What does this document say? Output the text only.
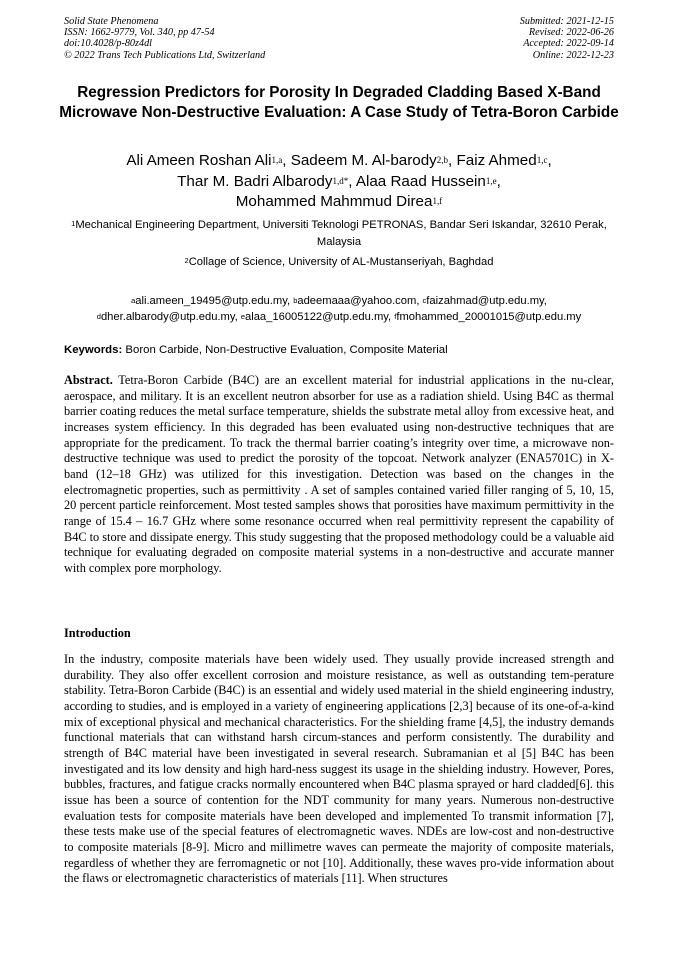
Solid State Phenomena
ISSN: 1662-9779, Vol. 340, pp 47-54
doi:10.4028/p-80z4dl
© 2022 Trans Tech Publications Ltd, Switzerland
Submitted: 2021-12-15
Revised: 2022-06-26
Accepted: 2022-09-14
Online: 2022-12-23
Regression Predictors for Porosity In Degraded Cladding Based X-Band Microwave Non-Destructive Evaluation: A Case Study of Tetra-Boron Carbide
Ali Ameen Roshan Ali$^{1,a}$, Sadeem M. Al-barody$^{2,b}$, Faiz Ahmed$^{1,c}$,
Thar M. Badri Albarody$^{1,d*}$, Alaa Raad Hussein$^{1,e}$,
Mohammed Mahmmud Direa$^{1,f}$
$^1$Mechanical Engineering Department, Universiti Teknologi PETRONAS, Bandar Seri Iskandar, 32610 Perak, Malaysia
$^2$Collage of Science, University of AL-Mustanseriyah, Baghdad
$^a$ali.ameen_19495@utp.edu.my, $^b$adeemaaa@yahoo.com, $^c$faizahmad@utp.edu.my,
$^d$dher.albarody@utp.edu.my, $^e$alaa_16005122@utp.edu.my, $^f$fmohammed_20001015@utp.edu.my
Keywords: Boron Carbide, Non-Destructive Evaluation, Composite Material
Abstract. Tetra-Boron Carbide (B4C) are an excellent material for industrial applications in the nu-clear, aerospace, and military. It is an excellent neutron absorber for use as a radiation shield. Using B4C as thermal barrier coating reduces the metal surface temperature, shields the substrate metal alloy from excessive heat, and increases system efficiency. In this degraded has been evaluated using non-destructive techniques that are appropriate for the predicament. To track the thermal barrier coating’s integrity over time, a microwave non-destructive technique was used to predict the porosity of the topcoat. Network analyzer (ENA5701C) in X-band (12–18 GHz) was utilized for this investigation. Detection was based on the changes in the electromagnetic properties, such as permittivity . A set of samples contained varied filler ranging of 5, 10, 15, 20 percent particle reinforcement. Most tested samples shows that porosities have maximum permittivity in the range of 15.4 – 16.7 GHz where some resonance occurred when real permittivity represent the capability of B4C to store and dissipate energy. This study suggesting that the proposed methodology could be a valuable aid technique for evaluating degraded on composite material systems in a non-destructive and accurate manner with complex pore morphology.
Introduction
In the industry, composite materials have been widely used. They usually provide increased strength and durability. They also offer excellent corrosion and moisture resistance, as well as outstanding tem-perature stability. Tetra-Boron Carbide (B4C) is an essential and widely used material in the shield engineering industry, according to studies, and is employed in a variety of engineering applications [2,3] because of its one-of-a-kind mix of exceptional physical and mechanical characteristics. For the shielding frame [4,5], the industry demands functional materials that can withstand harsh circum-stances and perform consistently. The durability and strength of B4C material have been investigated in several research. Subramanian et al [5] B4C has been investigated and its low density and high hard-ness suggest its usage in the shielding industry. However, Pores, bubbles, fractures, and fatigue cracks normally encountered when B4C plasma sprayed or hard cladded[6]. this issue has been a source of contention for the NDT community for many years. Numerous non-destructive evaluation tests for composite materials have been developed and implemented To transmit information [7], these tests make use of the special features of electromagnetic waves. NDEs are low-cost and non-destructive to composite materials [8-9]. Micro and millimetre waves can permeate the majority of composite materials, regardless of whether they are ferromagnetic or not [10]. Additionally, these waves pro-vide information about the flaws or electromagnetic characteristics of materials [11]. When structures
